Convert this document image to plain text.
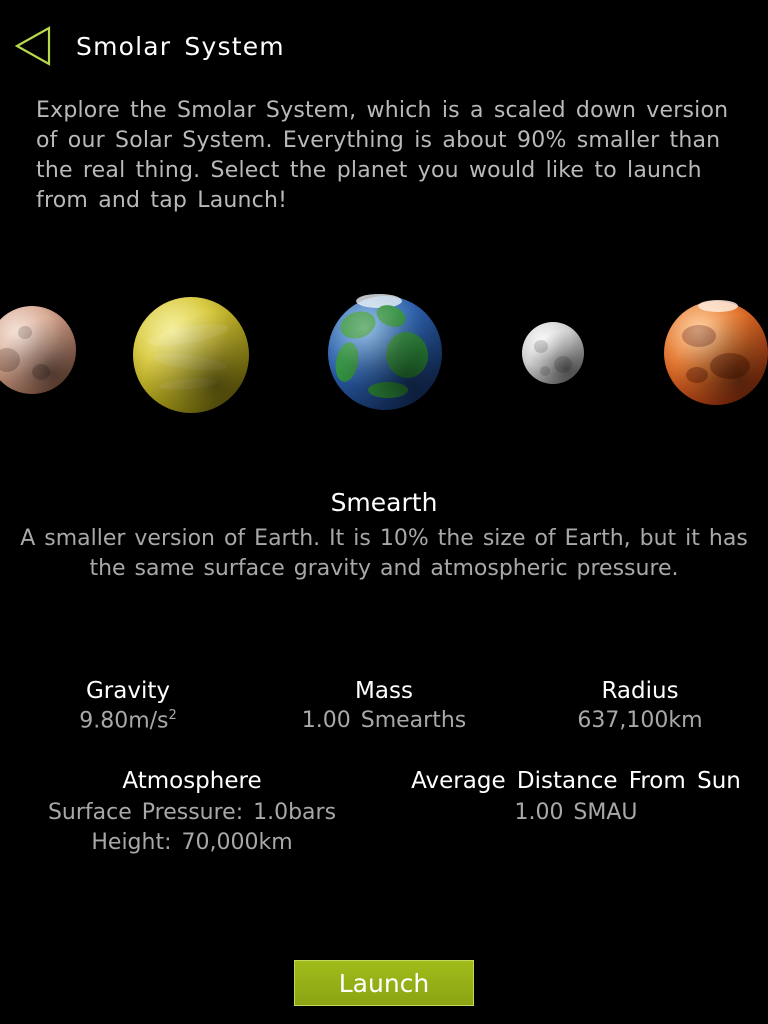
Smolar System
Explore the Smolar System, which is a scaled down version of our Solar System. Everything is about 90% smaller than the real thing. Select the planet you would like to launch from and tap Launch!
Smearth
A smaller version of Earth. It is 10% the size of Earth, but it has the same surface gravity and atmospheric pressure.
Gravity
$9.80m/s^2$
Mass
1.00 Smearths
Radius
637,100km
Atmosphere
Surface Pressure: 1.0bars
Height: 70,000km
Average Distance From Sun
1.00 SMAU
Launch
